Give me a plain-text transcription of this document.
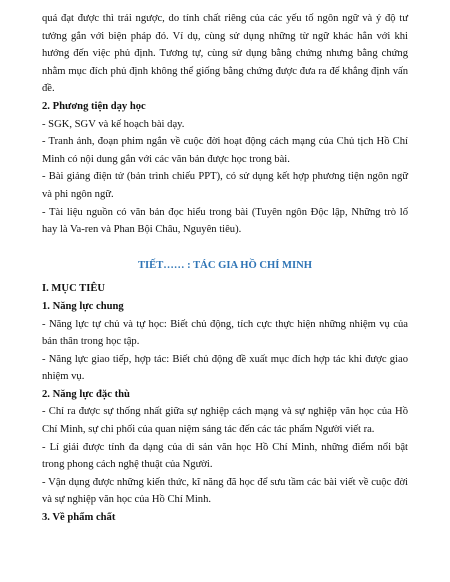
quá đạt được thì trái ngược, do tính chất riêng của các yếu tố ngôn ngữ và ý độ tư tưởng gắn với biện pháp đó. Ví dụ, cùng sử dụng những từ ngữ khác hẳn với khi hướng đến việc phủ định. Tương tự, cùng sử dụng bằng chứng nhưng bằng chứng nhằm mục đích phủ định không thể giống bằng chứng được đưa ra để khẳng định vấn đề.

2. Phương tiện dạy học

- SGK, SGV và kế hoạch bài dạy.

- Tranh ảnh, đoạn phim ngắn về cuộc đời hoạt động cách mạng của Chủ tịch Hồ Chí Minh có nội dung gắn với các văn bản được học trong bài.

- Bài giảng điện tử (bản trình chiếu PPT), có sử dụng kết hợp phương tiện ngôn ngữ và phi ngôn ngữ.

- Tài liệu nguồn có văn bản đọc hiểu trong bài (Tuyên ngôn Độc lập, Những trò lố hay là Va-ren và Phan Bội Châu, Nguyên tiêu).

TIẾT…… : TÁC GIA HỒ CHÍ MINH

I. MỤC TIÊU

1. Năng lực chung

- Năng lực tự chủ và tự học: Biết chủ động, tích cực thực hiện những nhiệm vụ của bản thân trong học tập.

- Năng lực giao tiếp, hợp tác: Biết chủ động đề xuất mục đích hợp tác khi được giao nhiệm vụ.

2. Năng lực đặc thù

- Chỉ ra được sự thống nhất giữa sự nghiệp cách mạng và sự nghiệp văn học của Hồ Chí Minh, sự chi phối của quan niệm sáng tác đến các tác phẩm Người viết ra.

- Lí giải được tính đa dạng của di sản văn học Hồ Chí Minh, những điểm nổi bật trong phong cách nghệ thuật của Người.

- Vận dụng được những kiến thức, kĩ năng đã học để sưu tầm các bài viết về cuộc đời và sự nghiệp văn học của Hồ Chí Minh.

3. Về phẩm chất
